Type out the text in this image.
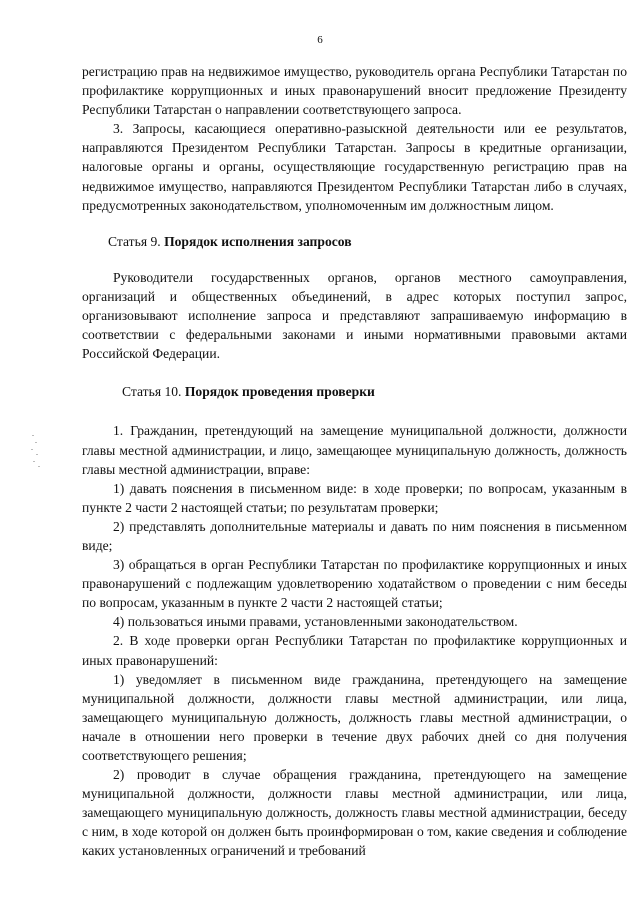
6

регистрацию прав на недвижимое имущество, руководитель органа Республики Татарстан по профилактике коррупционных и иных правонарушений вносит предложение Президенту Республики Татарстан о направлении соответствующего запроса.

3. Запросы, касающиеся оперативно-разыскной деятельности или ее результатов, направляются Президентом Республики Татарстан. Запросы в кредитные организации, налоговые органы и органы, осуществляющие государственную регистрацию прав на недвижимое имущество, направляются Президентом Республики Татарстан либо в случаях, предусмотренных законодательством, уполномоченным им должностным лицом.

Статья 9. Порядок исполнения запросов

Руководители государственных органов, органов местного самоуправления, организаций и общественных объединений, в адрес которых поступил запрос, организовывают исполнение запроса и представляют запрашиваемую информацию в соответствии с федеральными законами и иными нормативными правовыми актами Российской Федерации.

Статья 10. Порядок проведения проверки

1. Гражданин, претендующий на замещение муниципальной должности, должности главы местной администрации, и лицо, замещающее муниципальную должность, должность главы местной администрации, вправе:

1) давать пояснения в письменном виде: в ходе проверки; по вопросам, указанным в пункте 2 части 2 настоящей статьи; по результатам проверки;

2) представлять дополнительные материалы и давать по ним пояснения в письменном виде;

3) обращаться в орган Республики Татарстан по профилактике коррупционных и иных правонарушений с подлежащим удовлетворению ходатайством о проведении с ним беседы по вопросам, указанным в пункте 2 части 2 настоящей статьи;

4) пользоваться иными правами, установленными законодательством.

2. В ходе проверки орган Республики Татарстан по профилактике коррупционных и иных правонарушений:

1) уведомляет в письменном виде гражданина, претендующего на замещение муниципальной должности, должности главы местной администрации, или лица, замещающего муниципальную должность, должность главы местной администрации, о начале в отношении него проверки в течение двух рабочих дней со дня получения соответствующего решения;

2) проводит в случае обращения гражданина, претендующего на замещение муниципальной должности, должности главы местной администрации, или лица, замещающего муниципальную должность, должность главы местной администрации, беседу с ним, в ходе которой он должен быть проинформирован о том, какие сведения и соблюдение каких установленных ограничений и требований
